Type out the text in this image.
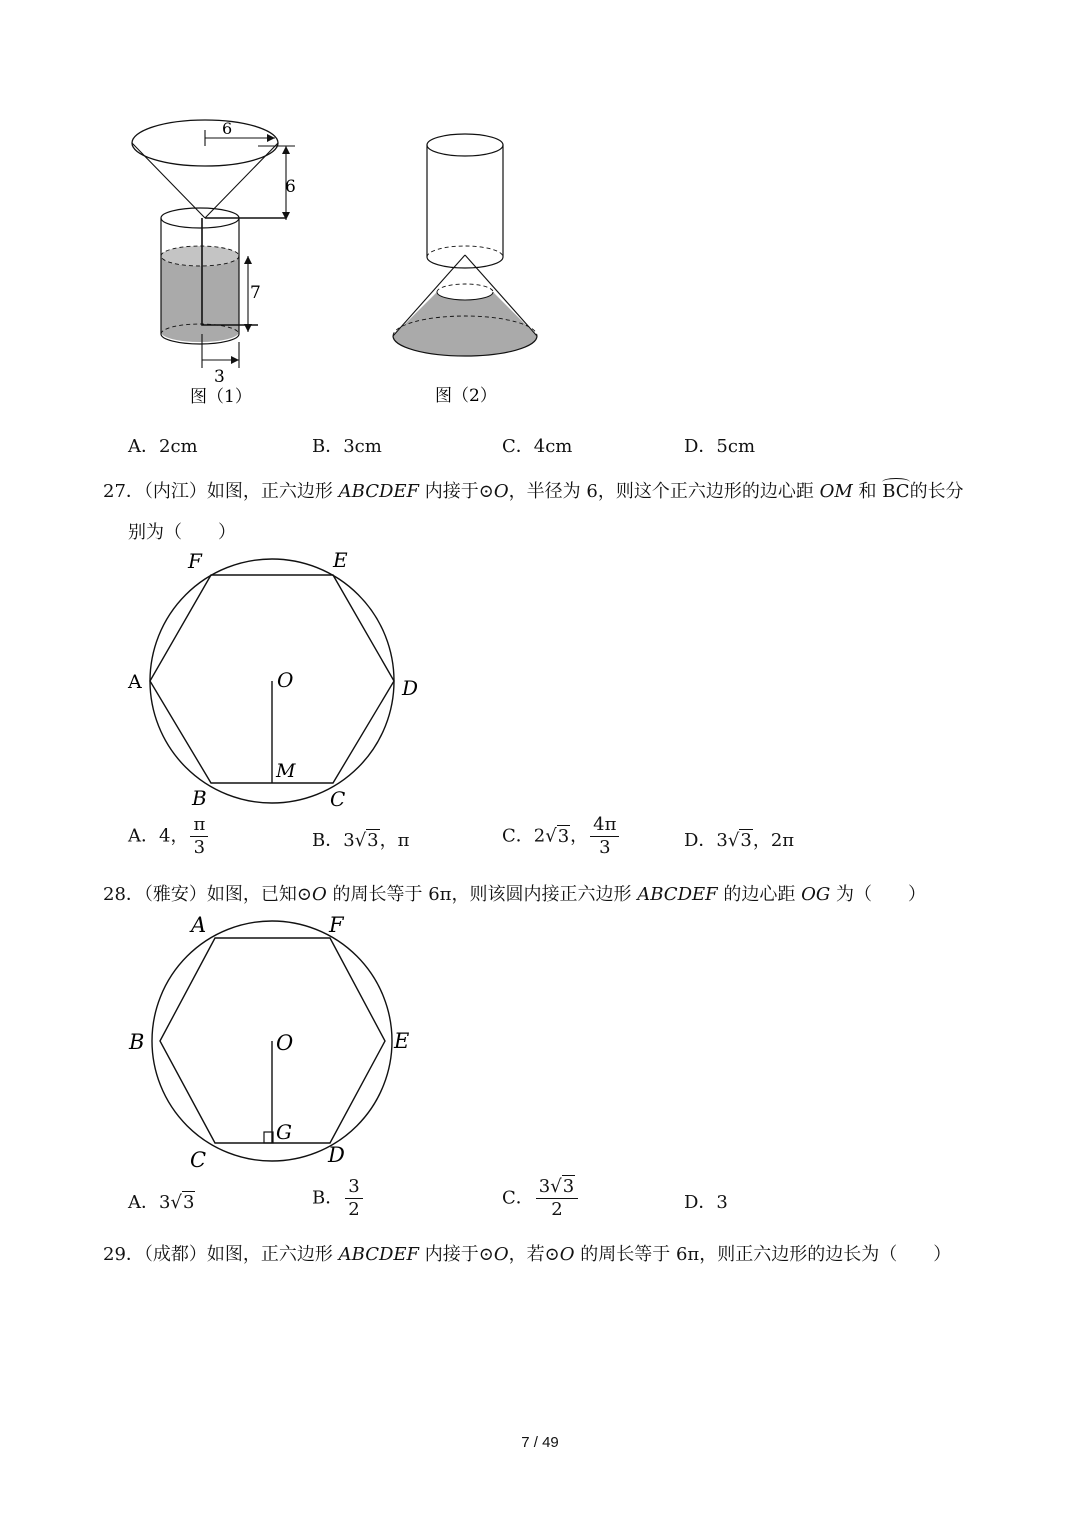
6
6
7
3
图（1）	图（2）
A．2cm	B．3cm	C．4cm	D．5cm
27．（内江）如图，正六边形 ABCDEF 内接于⊙O，半径为 6，则这个正六边形的边心距 OM 和 BC的长分
别为（　　）
F	E
A	O	D
M
B	C
A．4， $\frac{\pi}{3}$	B．3√3，π	C．2√3， $\frac{4\pi}{3}$	D．3√3，2π
28．（雅安）如图，已知⊙O 的周长等于 6π，则该圆内接正六边形 ABCDEF 的边心距 OG 为（　　）
A	F
B	O	E
G
C	D
A．3√3	B． $\frac{3}{2}$	C． $\frac{3√3}{2}$	D．3
29．（成都）如图，正六边形 ABCDEF 内接于⊙O，若⊙O 的周长等于 6π，则正六边形的边长为（　　）
7 / 49
